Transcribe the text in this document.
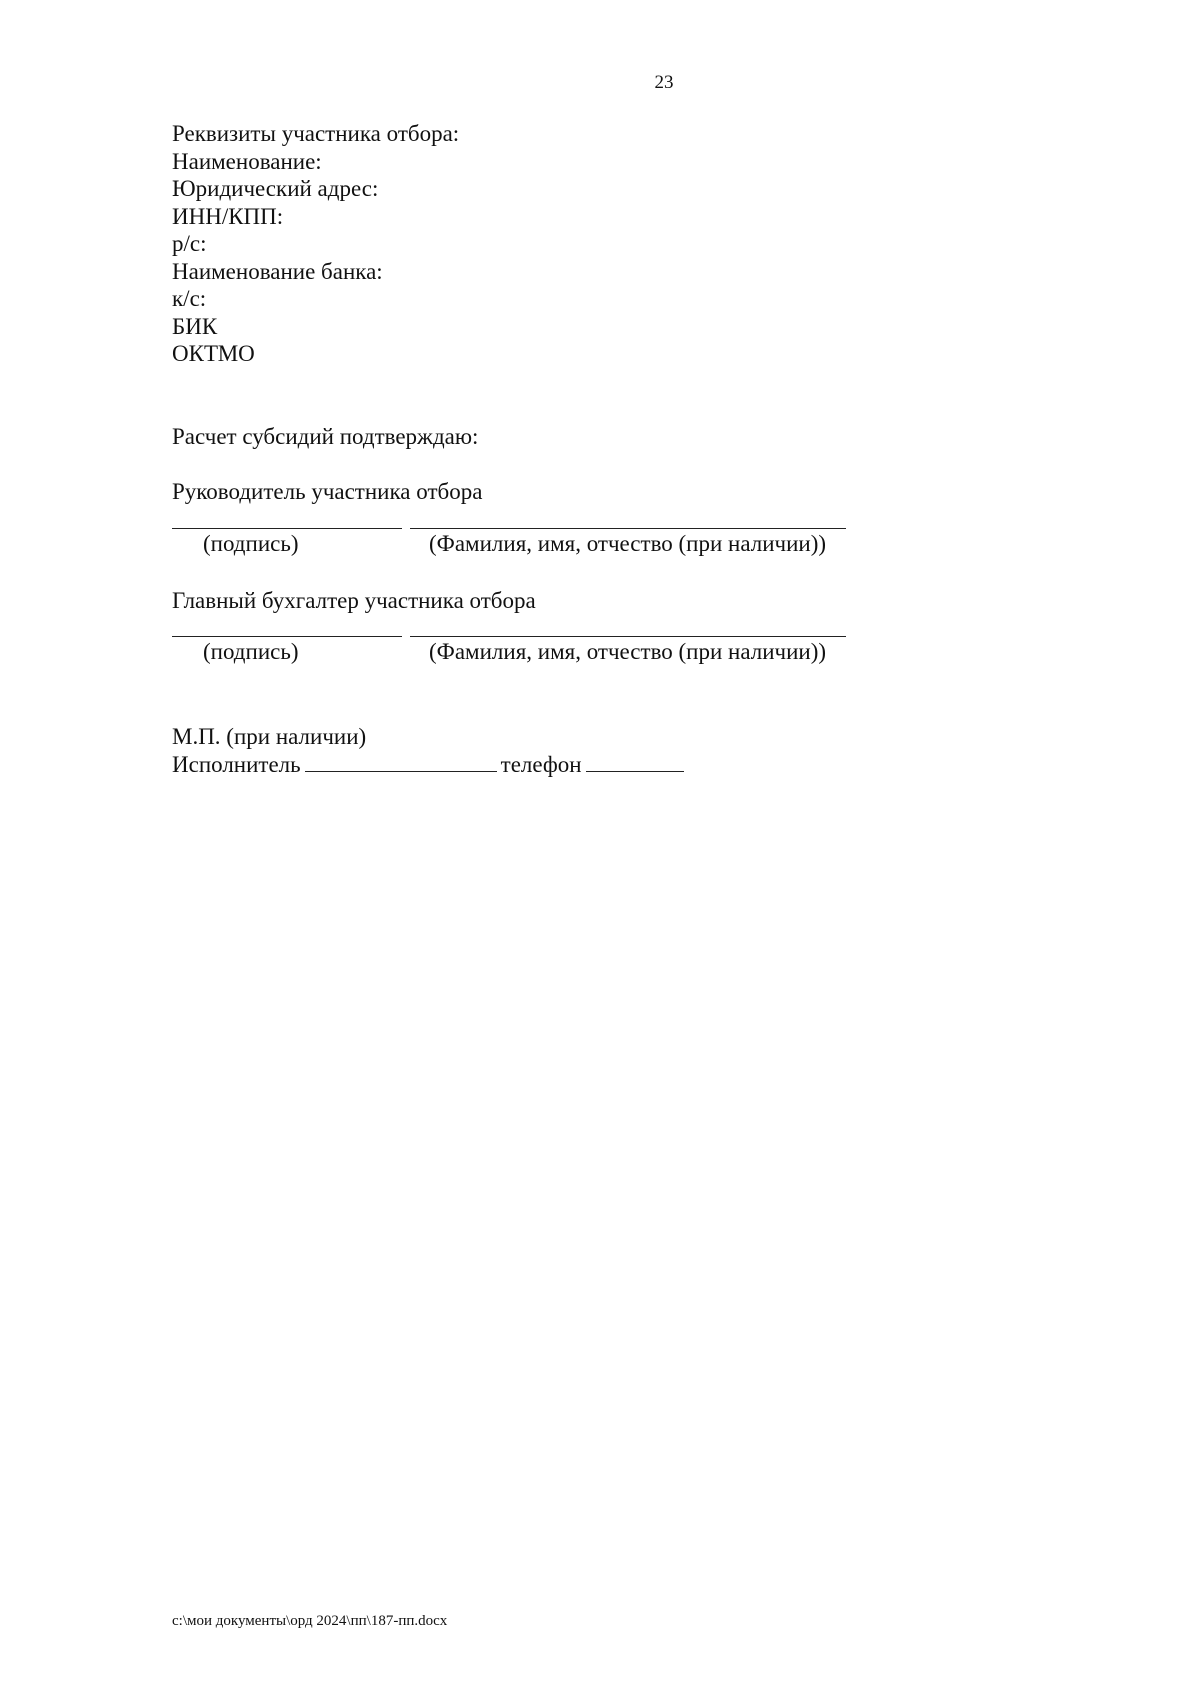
23
Реквизиты участника отбора:
Наименование:
Юридический адрес:
ИНН/КПП:
р/с:
Наименование банка:
к/с:
БИК
ОКТМО
Расчет субсидий подтверждаю:
Руководитель участника отбора
(подпись)	(Фамилия, имя, отчество (при наличии))
Главный бухгалтер участника отбора
(подпись)	(Фамилия, имя, отчество (при наличии))
М.П. (при наличии)
Исполнитель	телефон
c:\мои документы\орд 2024\пп\187-пп.docx
